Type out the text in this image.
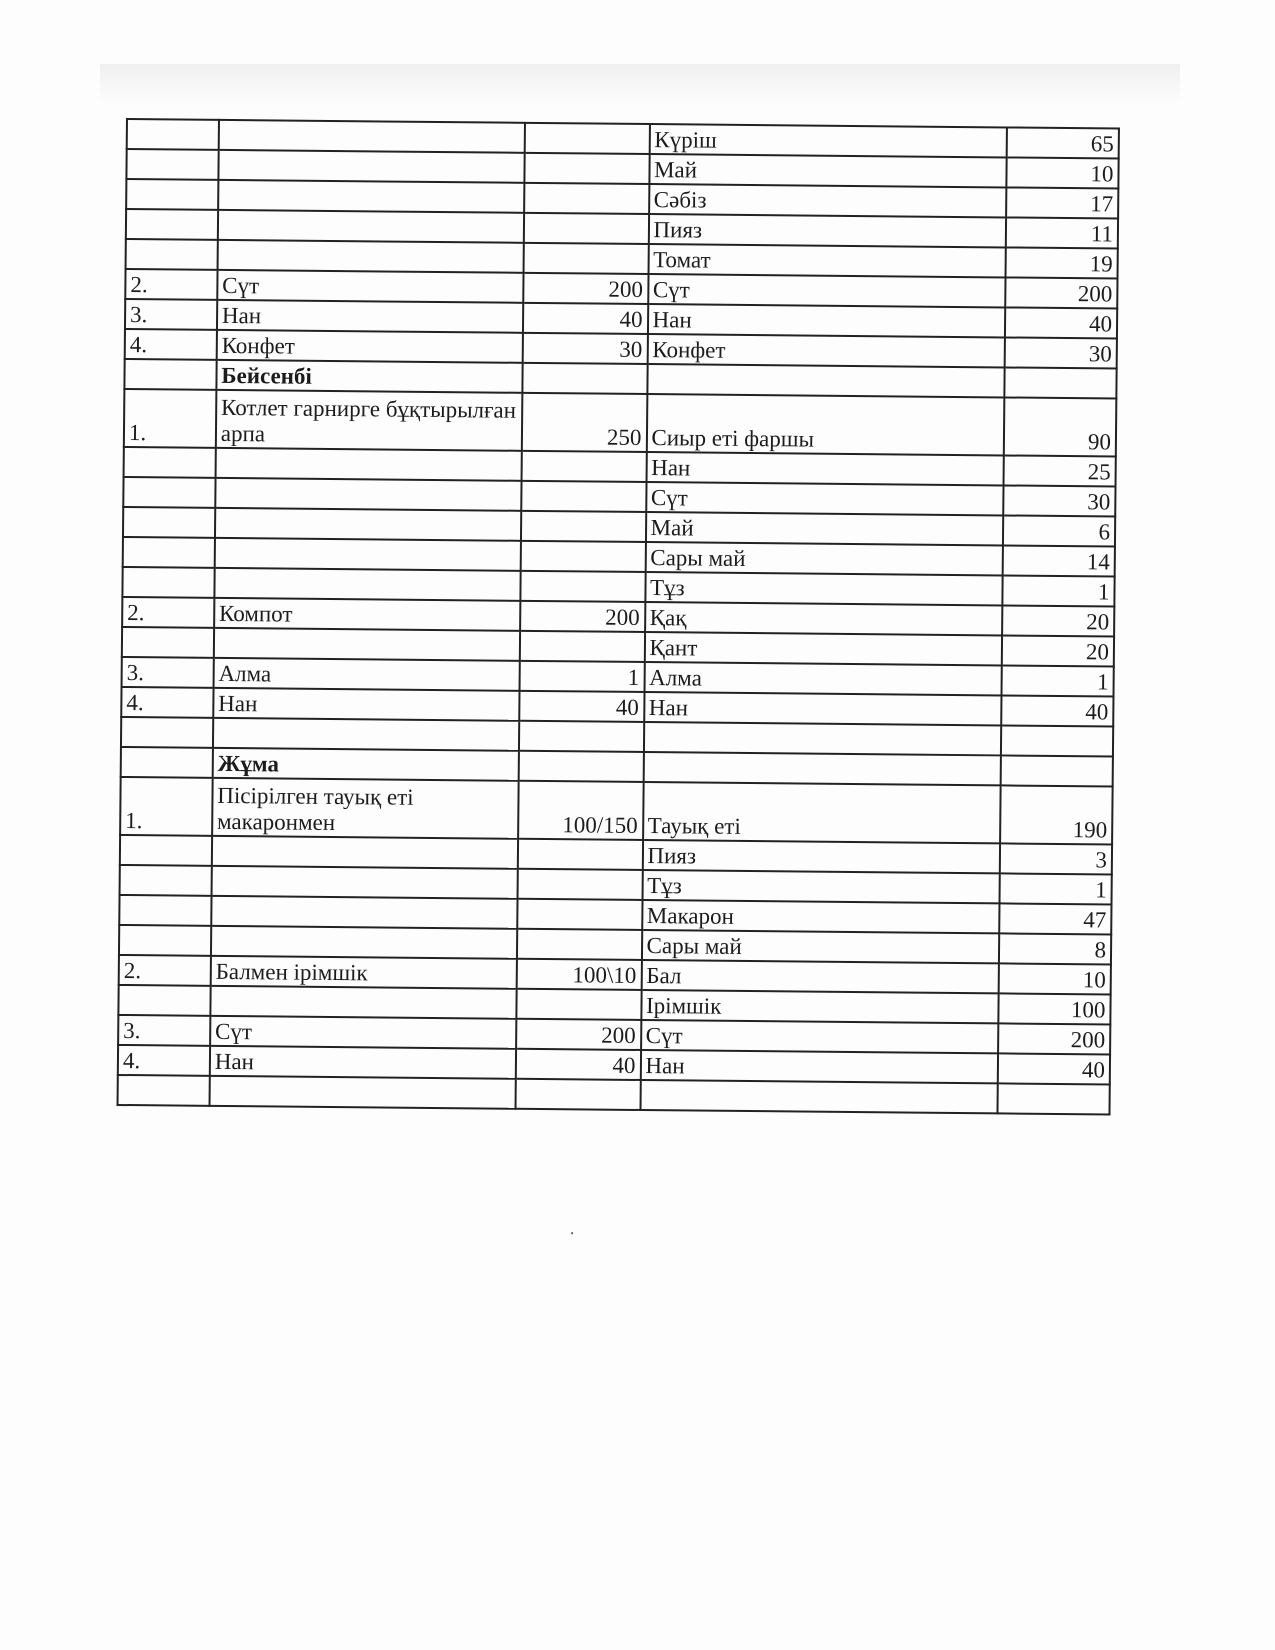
			Күріш	65
			Май	10
			Сәбіз	17
			Пияз	11
			Томат	19
2.	Сүт	200	Сүт	200
3.	Нан	40	Нан	40
4.	Конфет	30	Конфет	30
	Бейсенбі			
1.	Котлет гарнирге бұқтырылған арпа	250	Сиыр еті фаршы	90
			Нан	25
			Сүт	30
			Май	6
			Сары май	14
			Тұз	1
2.	Компот	200	Қақ	20
			Қант	20
3.	Алма	1	Алма	1
4.	Нан	40	Нан	40

	Жұма			
1.	Пісірілген тауық еті макаронмен	100/150	Тауық еті	190
			Пияз	3
			Тұз	1
			Макарон	47
			Сары май	8
2.	Балмен ірімшік	100\10	Бал	10
			Ірімшік	100
3.	Сүт	200	Сүт	200
4.	Нан	40	Нан	40

⸱
